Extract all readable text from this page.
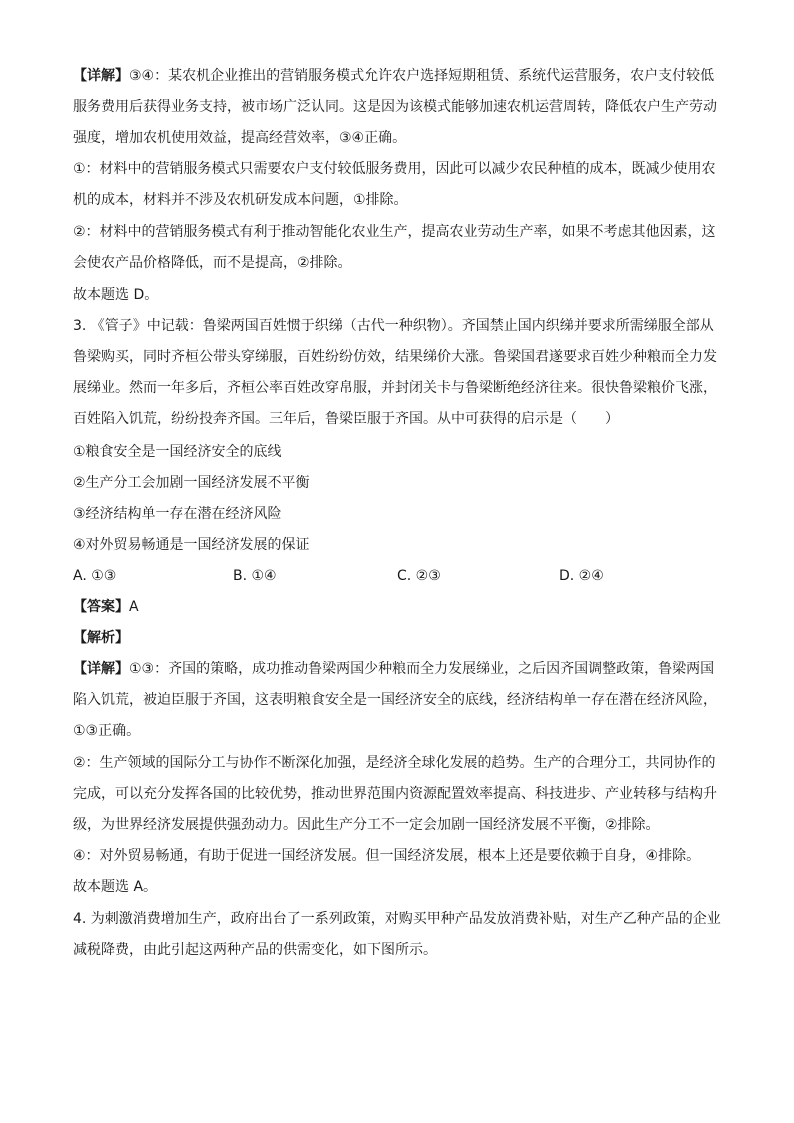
【详解】③④：某农机企业推出的营销服务模式允许农户选择短期租赁、系统代运营服务，农户支付较低
服务费用后获得业务支持，被市场广泛认同。这是因为该模式能够加速农机运营周转，降低农户生产劳动
强度，增加农机使用效益，提高经营效率，③④正确。
①：材料中的营销服务模式只需要农户支付较低服务费用，因此可以减少农民种植的成本，既减少使用农
机的成本，材料并不涉及农机研发成本问题，①排除。
②：材料中的营销服务模式有利于推动智能化农业生产，提高农业劳动生产率，如果不考虑其他因素，这
会使农产品价格降低，而不是提高，②排除。
故本题选 D。
3. 《管子》中记载：鲁梁两国百姓惯于织绨（古代一种织物）。齐国禁止国内织绨并要求所需绨服全部从
鲁梁购买，同时齐桓公带头穿绨服，百姓纷纷仿效，结果绨价大涨。鲁梁国君遂要求百姓少种粮而全力发
展绨业。然而一年多后，齐桓公率百姓改穿帛服，并封闭关卡与鲁梁断绝经济往来。很快鲁梁粮价飞涨，
百姓陷入饥荒，纷纷投奔齐国。三年后，鲁梁臣服于齐国。从中可获得的启示是（　　）
①粮食安全是一国经济安全的底线
②生产分工会加剧一国经济发展不平衡
③经济结构单一存在潜在经济风险
④对外贸易畅通是一国经济发展的保证
A. ①③	B. ①④	C. ②③	D. ②④
【答案】A
【解析】
【详解】①③：齐国的策略，成功推动鲁梁两国少种粮而全力发展绨业，之后因齐国调整政策，鲁梁两国
陷入饥荒，被迫臣服于齐国，这表明粮食安全是一国经济安全的底线，经济结构单一存在潜在经济风险，
①③正确。
②：生产领域的国际分工与协作不断深化加强，是经济全球化发展的趋势。生产的合理分工，共同协作的
完成，可以充分发挥各国的比较优势，推动世界范围内资源配置效率提高、科技进步、产业转移与结构升
级，为世界经济发展提供强劲动力。因此生产分工不一定会加剧一国经济发展不平衡，②排除。
④：对外贸易畅通，有助于促进一国经济发展。但一国经济发展，根本上还是要依赖于自身，④排除。
故本题选 A。
4. 为刺激消费增加生产，政府出台了一系列政策，对购买甲种产品发放消费补贴，对生产乙种产品的企业
减税降费，由此引起这两种产品的供需变化，如下图所示。
